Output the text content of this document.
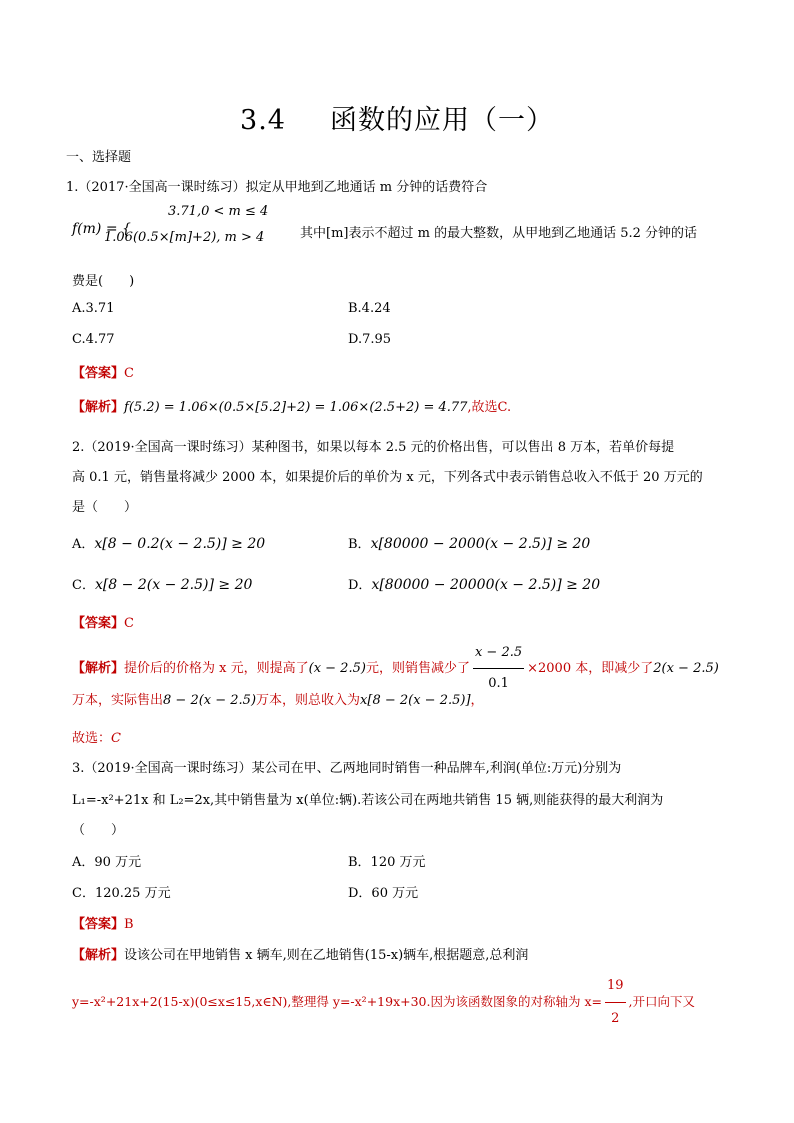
3.4 函数的应用（一）
一、选择题
1.（2017·全国高一课时练习）拟定从甲地到乙地通话 m 分钟的话费符合
f(m) = {
3.71,0 < m ≤ 4
1.06(0.5×[m]+2), m > 4	其中[m]表示不超过 m 的最大整数，从甲地到乙地通话 5.2 分钟的话
费是(　　)
A.3.71	B.4.24
C.4.77	D.7.95
【答案】C
【解析】f(5.2) = 1.06×(0.5×[5.2]+2) = 1.06×(2.5+2) = 4.77,故选C.
2.（2019·全国高一课时练习）某种图书，如果以每本 2.5 元的价格出售，可以售出 8 万本，若单价每提
高 0.1 元，销售量将减少 2000 本，如果提价后的单价为 x 元，下列各式中表示销售总收入不低于 20 万元的
是（　　）
A．x[8 − 0.2(x − 2.5)] ≥ 20	B．x[80000 − 2000(x − 2.5)] ≥ 20
C．x[8 − 2(x − 2.5)] ≥ 20	D．x[80000 − 20000(x − 2.5)] ≥ 20
【答案】C
【解析】提价后的价格为 x 元，则提高了(x − 2.5)元，则销售减少了 $\frac{x - 2.5}{0.1} \times 2000$ 本，即减少了2(x − 2.5)
万本，实际售出8 − 2(x − 2.5)万本，则总收入为x[8 − 2(x − 2.5)]，
故选：C
3.（2019·全国高一课时练习）某公司在甲、乙两地同时销售一种品牌车,利润(单位:万元)分别为
L₁=-x²+21x 和 L₂=2x,其中销售量为 x(单位:辆).若该公司在两地共销售 15 辆,则能获得的最大利润为
（　　）
A．90 万元	B．120 万元
C．120.25 万元	D．60 万元
【答案】B
【解析】设该公司在甲地销售 x 辆车,则在乙地销售(15-x)辆车,根据题意,总利润
y=-x²+21x+2(15-x)(0≤x≤15,x∈N),整理得 y=-x²+19x+30.因为该函数图象的对称轴为 $x= \frac{19}{2}$ ,开口向下又
